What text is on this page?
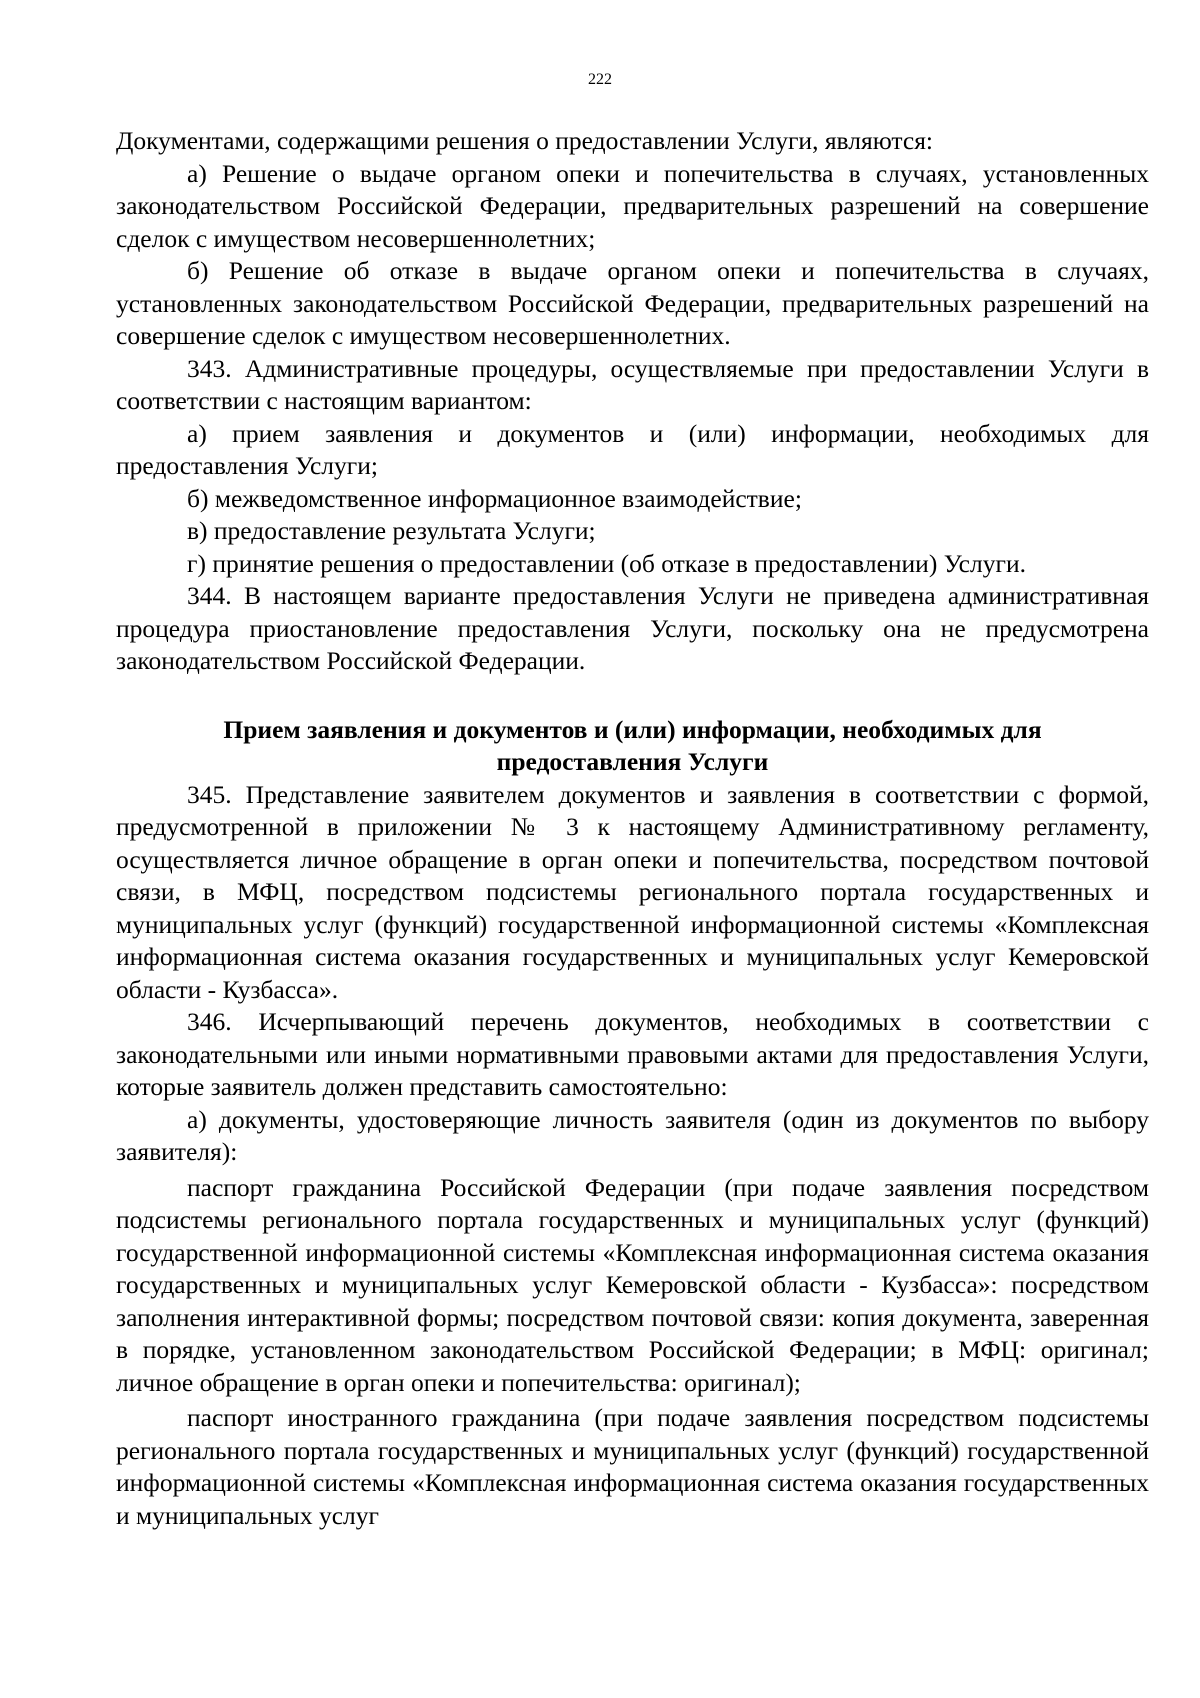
222

Документами, содержащими решения о предоставлении Услуги, являются:

а) Решение о выдаче органом опеки и попечительства в случаях, установленных законодательством Российской Федерации, предварительных разрешений на совершение сделок с имуществом несовершеннолетних;

б) Решение об отказе в выдаче органом опеки и попечительства в случаях, установленных законодательством Российской Федерации, предварительных разрешений на совершение сделок с имуществом несовершеннолетних.

343. Административные процедуры, осуществляемые при предоставлении Услуги в соответствии с настоящим вариантом:

а) прием заявления и документов и (или) информации, необходимых для предоставления Услуги;

б) межведомственное информационное взаимодействие;

в) предоставление результата Услуги;

г) принятие решения о предоставлении (об отказе в предоставлении) Услуги.

344. В настоящем варианте предоставления Услуги не приведена административная процедура приостановление предоставления Услуги, поскольку она не предусмотрена законодательством Российской Федерации.

Прием заявления и документов и (или) информации, необходимых для предоставления Услуги

345. Представление заявителем документов и заявления в соответствии с формой, предусмотренной в приложении № 3 к настоящему Административному регламенту, осуществляется личное обращение в орган опеки и попечительства, посредством почтовой связи, в МФЦ, посредством подсистемы регионального портала государственных и муниципальных услуг (функций) государственной информационной системы «Комплексная информационная система оказания государственных и муниципальных услуг Кемеровской области - Кузбасса».

346. Исчерпывающий перечень документов, необходимых в соответствии с законодательными или иными нормативными правовыми актами для предоставления Услуги, которые заявитель должен представить самостоятельно:

а) документы, удостоверяющие личность заявителя (один из документов по выбору заявителя):

паспорт гражданина Российской Федерации (при подаче заявления посредством подсистемы регионального портала государственных и муниципальных услуг (функций) государственной информационной системы «Комплексная информационная система оказания государственных и муниципальных услуг Кемеровской области - Кузбасса»: посредством заполнения интерактивной формы; посредством почтовой связи: копия документа, заверенная в порядке, установленном законодательством Российской Федерации; в МФЦ: оригинал; личное обращение в орган опеки и попечительства: оригинал);

паспорт иностранного гражданина (при подаче заявления посредством подсистемы регионального портала государственных и муниципальных услуг (функций) государственной информационной системы «Комплексная информационная система оказания государственных и муниципальных услуг
